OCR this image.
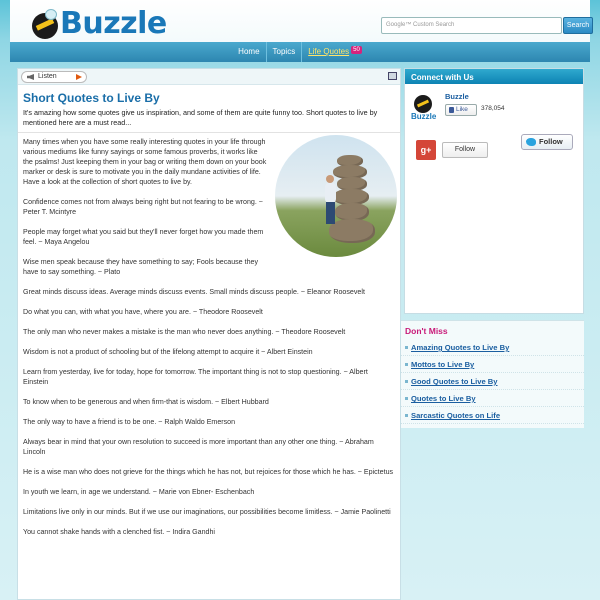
Buzzle	Google™ Custom Search	Search
Home	Topics	Life Quotes 50
Listen
Short Quotes to Live By
It's amazing how some quotes give us inspiration, and some of them are quite funny too. Short quotes to live by mentioned here are a must read...
Many times when you have some really interesting quotes in your life through various mediums like funny sayings or some famous proverbs, it works like the psalms! Just keeping them in your bag or writing them down on your book marker or desk is sure to motivate you in the daily mundane activities of life. Have a look at the collection of short quotes to live by.
Confidence comes not from always being right but not fearing to be wrong. ~ Peter T. Mcintyre
People may forget what you said but they'll never forget how you made them feel. ~ Maya Angelou
Wise men speak because they have something to say; Fools because they have to say something. ~ Plato
Great minds discuss ideas. Average minds discuss events. Small minds discuss people. ~ Eleanor Roosevelt
Do what you can, with what you have, where you are. ~ Theodore Roosevelt
The only man who never makes a mistake is the man who never does anything. ~ Theodore Roosevelt
Wisdom is not a product of schooling but of the lifelong attempt to acquire it ~ Albert Einstein
Learn from yesterday, live for today, hope for tomorrow. The important thing is not to stop questioning. ~ Albert Einstein
To know when to be generous and when firm-that is wisdom. ~ Elbert Hubbard
The only way to have a friend is to be one. ~ Ralph Waldo Emerson
Always bear in mind that your own resolution to succeed is more important than any other one thing. ~ Abraham Lincoln
He is a wise man who does not grieve for the things which he has not, but rejoices for those which he has. ~ Epictetus
In youth we learn, in age we understand. ~ Marie von Ebner- Eschenbach
Limitations live only in our minds. But if we use our imaginations, our possibilities become limitless. ~ Jamie Paolinetti
You cannot shake hands with a clenched fist. ~ Indira Gandhi
Connect with Us
Buzzle
Buzzle
Like	378,054
Follow
g+	Follow
Don't Miss
Amazing Quotes to Live By
Mottos to Live By
Good Quotes to Live By
Quotes to Live By
Sarcastic Quotes on Life
